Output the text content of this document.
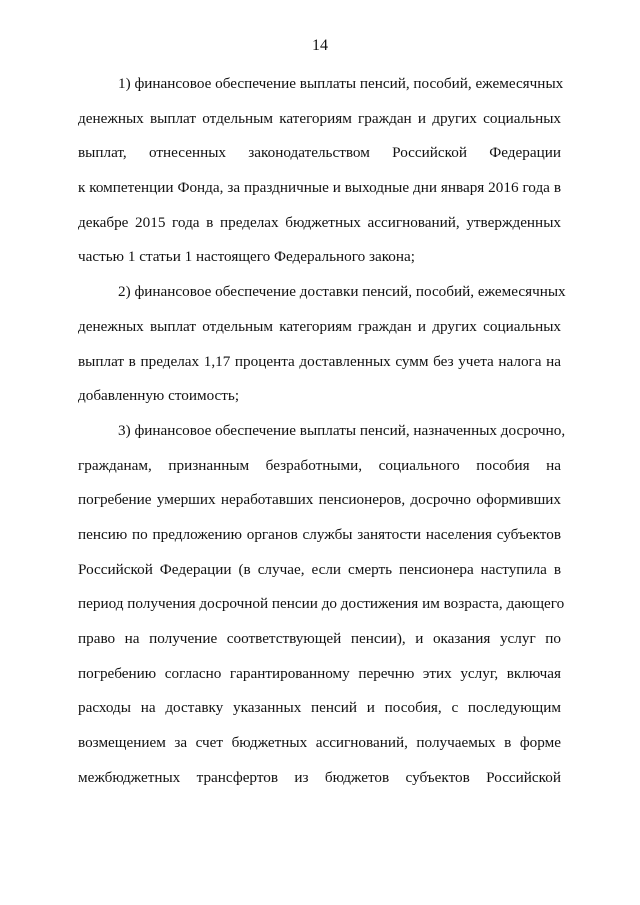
14
1) финансовое обеспечение выплаты пенсий, пособий, ежемесячных
денежных выплат отдельным категориям граждан и других социальных
выплат, отнесенных законодательством Российской Федерации
к компетенции Фонда, за праздничные и выходные дни января 2016 года в
декабре 2015 года в пределах бюджетных ассигнований, утвержденных
частью 1 статьи 1 настоящего Федерального закона;
2) финансовое обеспечение доставки пенсий, пособий, ежемесячных
денежных выплат отдельным категориям граждан и других социальных
выплат в пределах 1,17 процента доставленных сумм без учета налога на
добавленную стоимость;
3) финансовое обеспечение выплаты пенсий, назначенных досрочно,
гражданам, признанным безработными, социального пособия на
погребение умерших неработавших пенсионеров, досрочно оформивших
пенсию по предложению органов службы занятости населения субъектов
Российской Федерации (в случае, если смерть пенсионера наступила в
период получения досрочной пенсии до достижения им возраста, дающего
право на получение соответствующей пенсии), и оказания услуг по
погребению согласно гарантированному перечню этих услуг, включая
расходы на доставку указанных пенсий и пособия, с последующим
возмещением за счет бюджетных ассигнований, получаемых в форме
межбюджетных трансфертов из бюджетов субъектов Российской
